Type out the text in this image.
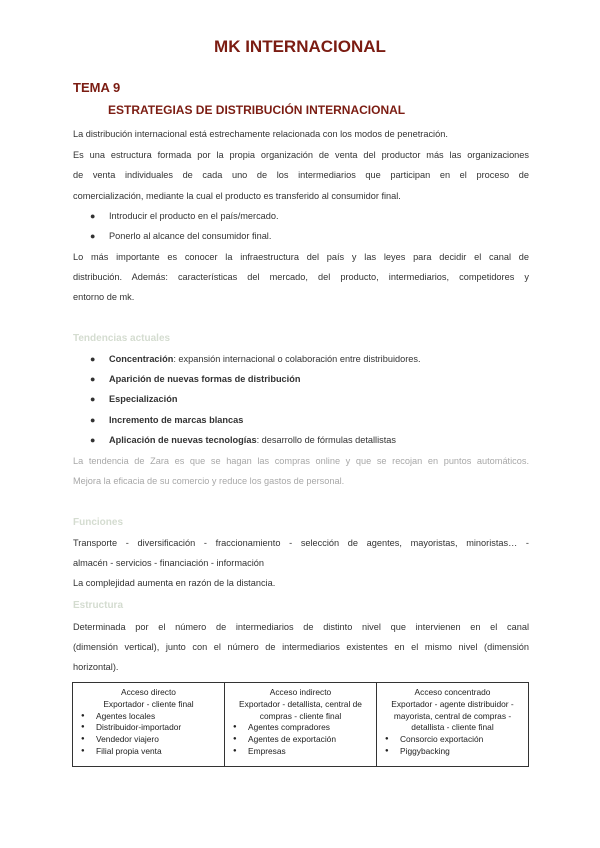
MK INTERNACIONAL
TEMA 9
ESTRATEGIAS DE DISTRIBUCIÓN INTERNACIONAL
La distribución internacional está estrechamente relacionada con los modos de penetración.
Es una estructura formada por la propia organización de venta del productor más las organizaciones
de venta individuales de cada uno de los intermediarios que participan en el proceso de
comercialización, mediante la cual el producto es transferido al consumidor final.
● Introducir el producto en el país/mercado.
● Ponerlo al alcance del consumidor final.
Lo más importante es conocer la infraestructura del país y las leyes para decidir el canal de
distribución. Además: características del mercado, del producto, intermediarios, competidores y
entorno de mk.
Tendencias actuales
● Concentración: expansión internacional o colaboración entre distribuidores.
● Aparición de nuevas formas de distribución
● Especialización
● Incremento de marcas blancas
● Aplicación de nuevas tecnologías: desarrollo de fórmulas detallistas
La tendencia de Zara es que se hagan las compras online y que se recojan en puntos automáticos.
Mejora la eficacia de su comercio y reduce los gastos de personal.
Funciones
Transporte - diversificación - fraccionamiento - selección de agentes, mayoristas, minoristas… -
almacén - servicios - financiación - información
La complejidad aumenta en razón de la distancia.
Estructura
Determinada por el número de intermediarios de distinto nivel que intervienen en el canal
(dimensión vertical), junto con el número de intermediarios existentes en el mismo nivel (dimensión
horizontal).
Acceso directo
Exportador - cliente final
● Agentes locales
● Distribuidor-importador
● Vendedor viajero
● Filial propia venta

Acceso indirecto
Exportador - detallista, central de compras - cliente final
● Agentes compradores
● Agentes de exportación
● Empresas

Acceso concentrado
Exportador - agente distribuidor - mayorista, central de compras - detallista - cliente final
● Consorcio exportación
● Piggybacking
